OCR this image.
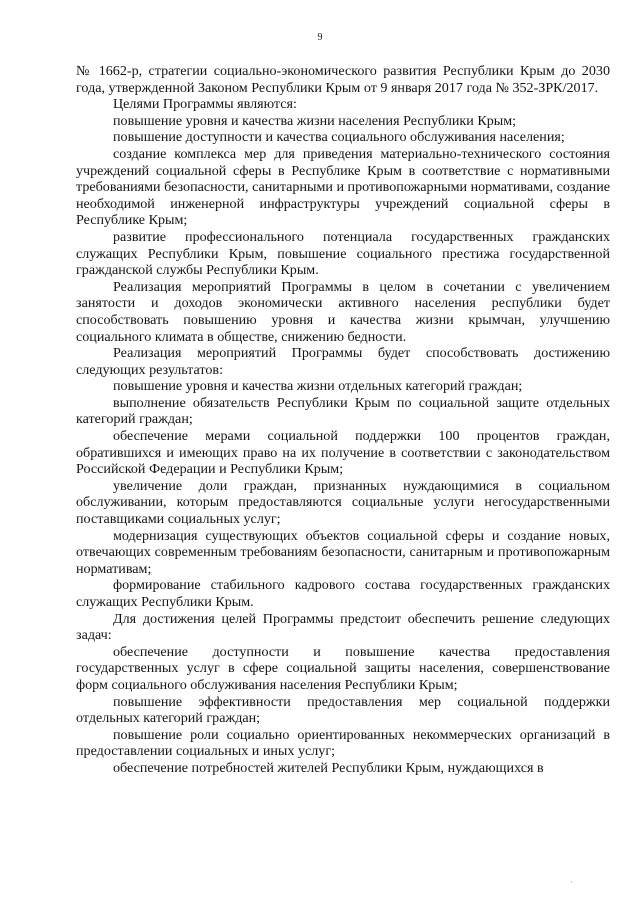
9

№ 1662-р, стратегии социально-экономического развития Республики Крым до 2030 года, утвержденной Законом Республики Крым от 9 января 2017 года № 352-ЗРК/2017.

Целями Программы являются:

повышение уровня и качества жизни населения Республики Крым;

повышение доступности и качества социального обслуживания населения;

создание комплекса мер для приведения материально-технического состояния учреждений социальной сферы в Республике Крым в соответствие с нормативными требованиями безопасности, санитарными и противопожарными нормативами, создание необходимой инженерной инфраструктуры учреждений социальной сферы в Республике Крым;

развитие профессионального потенциала государственных гражданских служащих Республики Крым, повышение социального престижа государственной гражданской службы Республики Крым.

Реализация мероприятий Программы в целом в сочетании с увеличением занятости и доходов экономически активного населения республики будет способствовать повышению уровня и качества жизни крымчан, улучшению социального климата в обществе, снижению бедности.

Реализация мероприятий Программы будет способствовать достижению следующих результатов:

повышение уровня и качества жизни отдельных категорий граждан;

выполнение обязательств Республики Крым по социальной защите отдельных категорий граждан;

обеспечение мерами социальной поддержки 100 процентов граждан, обратившихся и имеющих право на их получение в соответствии с законодательством Российской Федерации и Республики Крым;

увеличение доли граждан, признанных нуждающимися в социальном обслуживании, которым предоставляются социальные услуги негосударственными поставщиками социальных услуг;

модернизация существующих объектов социальной сферы и создание новых, отвечающих современным требованиям безопасности, санитарным и противопожарным нормативам;

формирование стабильного кадрового состава государственных гражданских служащих Республики Крым.

Для достижения целей Программы предстоит обеспечить решение следующих задач:

обеспечение доступности и повышение качества предоставления государственных услуг в сфере социальной защиты населения, совершенствование форм социального обслуживания населения Республики Крым;

повышение эффективности предоставления мер социальной поддержки отдельных категорий граждан;

повышение роли социально ориентированных некоммерческих организаций в предоставлении социальных и иных услуг;

обеспечение потребностей жителей Республики Крым, нуждающихся в

·
